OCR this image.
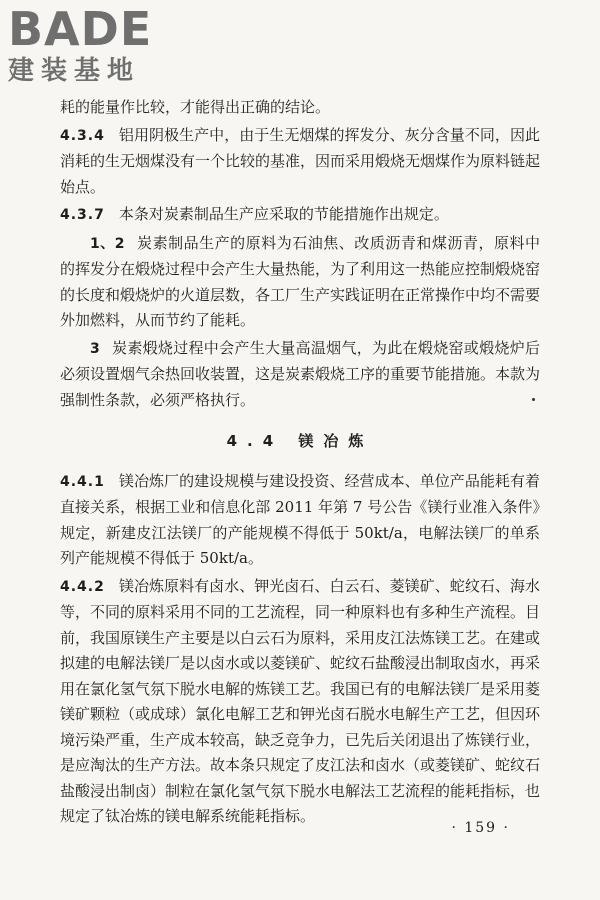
BADE
建装基地

耗的能量作比较，才能得出正确的结论。

4.3.4 铝用阴极生产中，由于生无烟煤的挥发分、灰分含量不同，因此消耗的生无烟煤没有一个比较的基准，因而采用煅烧无烟煤作为原料链起始点。

4.3.7 本条对炭素制品生产应采取的节能措施作出规定。

1、2 炭素制品生产的原料为石油焦、改质沥青和煤沥青，原料中的挥发分在煅烧过程中会产生大量热能，为了利用这一热能应控制煅烧窑的长度和煅烧炉的火道层数，各工厂生产实践证明在正常操作中均不需要外加燃料，从而节约了能耗。

3 炭素煅烧过程中会产生大量高温烟气，为此在煅烧窑或煅烧炉后必须设置烟气余热回收装置，这是炭素煅烧工序的重要节能措施。本款为强制性条款，必须严格执行。

4.4 镁冶炼

4.4.1 镁冶炼厂的建设规模与建设投资、经营成本、单位产品能耗有着直接关系，根据工业和信息化部 2011 年第 7 号公告《镁行业准入条件》规定，新建皮江法镁厂的产能规模不得低于 50kt/a，电解法镁厂的单系列产能规模不得低于 50kt/a。

4.4.2 镁冶炼原料有卤水、钾光卤石、白云石、菱镁矿、蛇纹石、海水等，不同的原料采用不同的工艺流程，同一种原料也有多种生产流程。目前，我国原镁生产主要是以白云石为原料，采用皮江法炼镁工艺。在建或拟建的电解法镁厂是以卤水或以菱镁矿、蛇纹石盐酸浸出制取卤水，再采用在氯化氢气氛下脱水电解的炼镁工艺。我国已有的电解法镁厂是采用菱镁矿颗粒（或成球）氯化电解工艺和钾光卤石脱水电解生产工艺，但因环境污染严重，生产成本较高，缺乏竞争力，已先后关闭退出了炼镁行业，是应淘汰的生产方法。故本条只规定了皮江法和卤水（或菱镁矿、蛇纹石盐酸浸出制卤）制粒在氯化氢气氛下脱水电解法工艺流程的能耗指标，也规定了钛冶炼的镁电解系统能耗指标。

· 159 ·
